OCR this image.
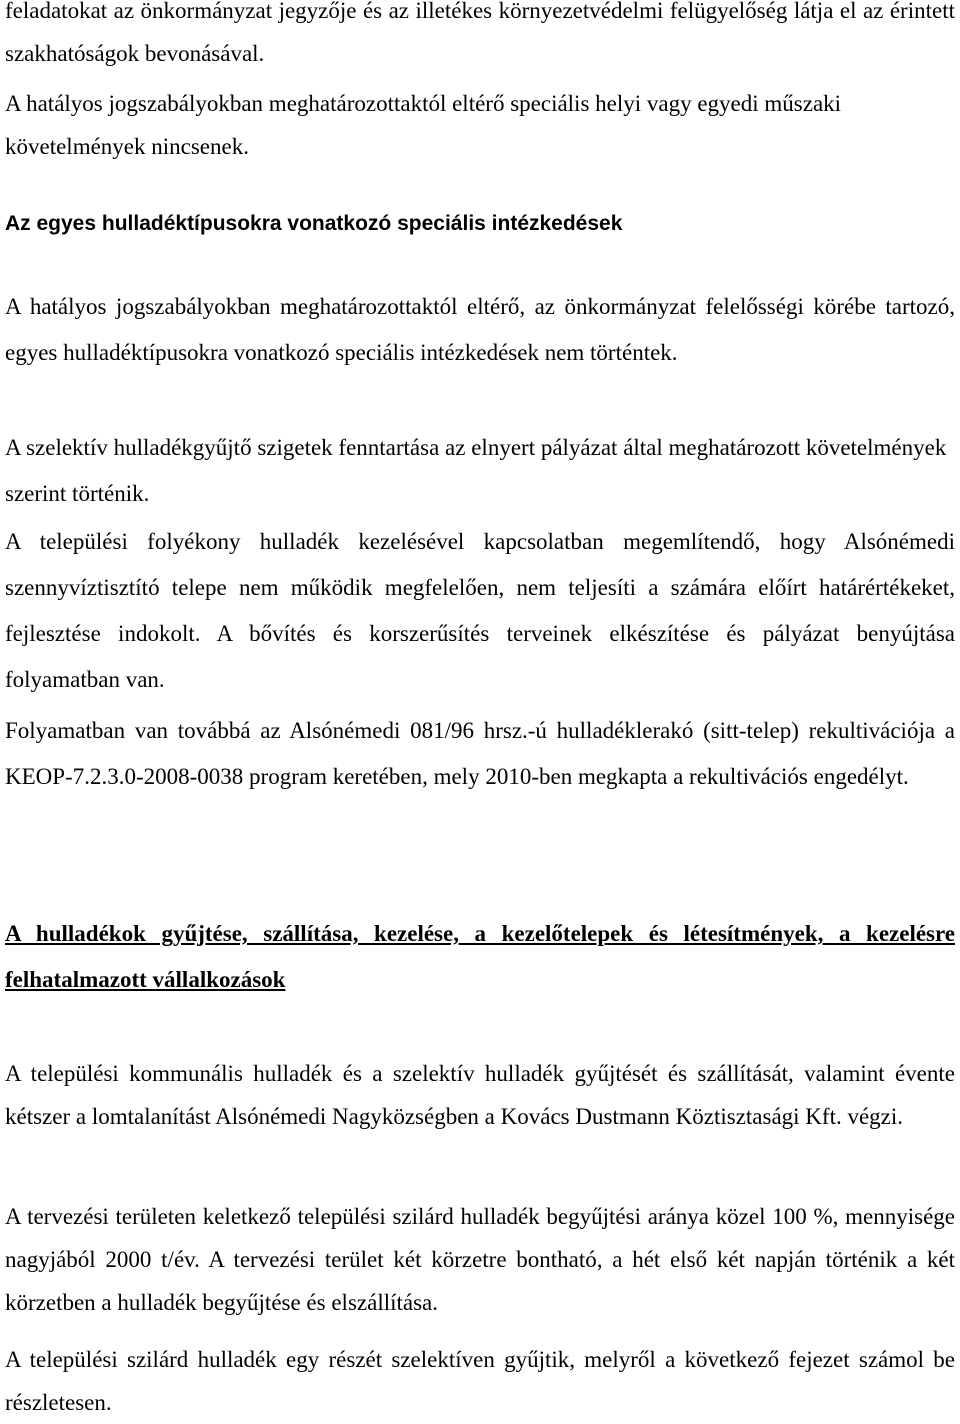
feladatokat az önkormányzat jegyzője és az illetékes környezetvédelmi felügyelőség látja el az érintett szakhatóságok bevonásával.

A hatályos jogszabályokban meghatározottaktól eltérő speciális helyi vagy egyedi műszaki követelmények nincsenek.

Az egyes hulladéktípusokra vonatkozó speciális intézkedések

A hatályos jogszabályokban meghatározottaktól eltérő, az önkormányzat felelősségi körébe tartozó, egyes hulladéktípusokra vonatkozó speciális intézkedések nem történtek.

A szelektív hulladékgyűjtő szigetek fenntartása az elnyert pályázat által meghatározott követelmények szerint történik.

A települési folyékony hulladék kezelésével kapcsolatban megemlítendő, hogy Alsónémedi szennyvíztisztító telepe nem működik megfelelően, nem teljesíti a számára előírt határértékeket, fejlesztése indokolt. A bővítés és korszerűsítés terveinek elkészítése és pályázat benyújtása folyamatban van.

Folyamatban van továbbá az Alsónémedi 081/96 hrsz.-ú hulladéklerakó (sitt-telep) rekultivációja a KEOP-7.2.3.0-2008-0038 program keretében, mely 2010-ben megkapta a rekultivációs engedélyt.

A hulladékok gyűjtése, szállítása, kezelése, a kezelőtelepek és létesítmények, a kezelésre felhatalmazott vállalkozások

A települési kommunális hulladék és a szelektív hulladék gyűjtését és szállítását, valamint évente kétszer a lomtalanítást Alsónémedi Nagyközségben a Kovács Dustmann Köztisztasági Kft. végzi.

A tervezési területen keletkező települési szilárd hulladék begyűjtési aránya közel 100 %, mennyisége nagyjából 2000 t/év. A tervezési terület két körzetre bontható, a hét első két napján történik a két körzetben a hulladék begyűjtése és elszállítása.

A települési szilárd hulladék egy részét szelektíven gyűjtik, melyről a következő fejezet számol be részletesen.
